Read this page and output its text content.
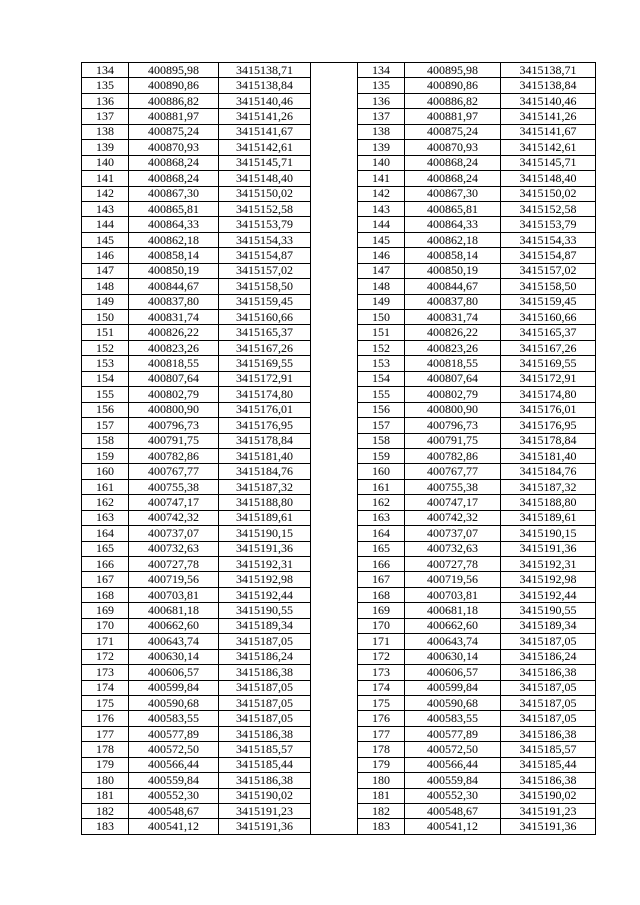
134	400895,98	3415138,71		134	400895,98	3415138,71
135	400890,86	3415138,84		135	400890,86	3415138,84
136	400886,82	3415140,46		136	400886,82	3415140,46
137	400881,97	3415141,26		137	400881,97	3415141,26
138	400875,24	3415141,67		138	400875,24	3415141,67
139	400870,93	3415142,61		139	400870,93	3415142,61
140	400868,24	3415145,71		140	400868,24	3415145,71
141	400868,24	3415148,40		141	400868,24	3415148,40
142	400867,30	3415150,02		142	400867,30	3415150,02
143	400865,81	3415152,58		143	400865,81	3415152,58
144	400864,33	3415153,79		144	400864,33	3415153,79
145	400862,18	3415154,33		145	400862,18	3415154,33
146	400858,14	3415154,87		146	400858,14	3415154,87
147	400850,19	3415157,02		147	400850,19	3415157,02
148	400844,67	3415158,50		148	400844,67	3415158,50
149	400837,80	3415159,45		149	400837,80	3415159,45
150	400831,74	3415160,66		150	400831,74	3415160,66
151	400826,22	3415165,37		151	400826,22	3415165,37
152	400823,26	3415167,26		152	400823,26	3415167,26
153	400818,55	3415169,55		153	400818,55	3415169,55
154	400807,64	3415172,91		154	400807,64	3415172,91
155	400802,79	3415174,80		155	400802,79	3415174,80
156	400800,90	3415176,01		156	400800,90	3415176,01
157	400796,73	3415176,95		157	400796,73	3415176,95
158	400791,75	3415178,84		158	400791,75	3415178,84
159	400782,86	3415181,40		159	400782,86	3415181,40
160	400767,77	3415184,76		160	400767,77	3415184,76
161	400755,38	3415187,32		161	400755,38	3415187,32
162	400747,17	3415188,80		162	400747,17	3415188,80
163	400742,32	3415189,61		163	400742,32	3415189,61
164	400737,07	3415190,15		164	400737,07	3415190,15
165	400732,63	3415191,36		165	400732,63	3415191,36
166	400727,78	3415192,31		166	400727,78	3415192,31
167	400719,56	3415192,98		167	400719,56	3415192,98
168	400703,81	3415192,44		168	400703,81	3415192,44
169	400681,18	3415190,55		169	400681,18	3415190,55
170	400662,60	3415189,34		170	400662,60	3415189,34
171	400643,74	3415187,05		171	400643,74	3415187,05
172	400630,14	3415186,24		172	400630,14	3415186,24
173	400606,57	3415186,38		173	400606,57	3415186,38
174	400599,84	3415187,05		174	400599,84	3415187,05
175	400590,68	3415187,05		175	400590,68	3415187,05
176	400583,55	3415187,05		176	400583,55	3415187,05
177	400577,89	3415186,38		177	400577,89	3415186,38
178	400572,50	3415185,57		178	400572,50	3415185,57
179	400566,44	3415185,44		179	400566,44	3415185,44
180	400559,84	3415186,38		180	400559,84	3415186,38
181	400552,30	3415190,02		181	400552,30	3415190,02
182	400548,67	3415191,23		182	400548,67	3415191,23
183	400541,12	3415191,36		183	400541,12	3415191,36
